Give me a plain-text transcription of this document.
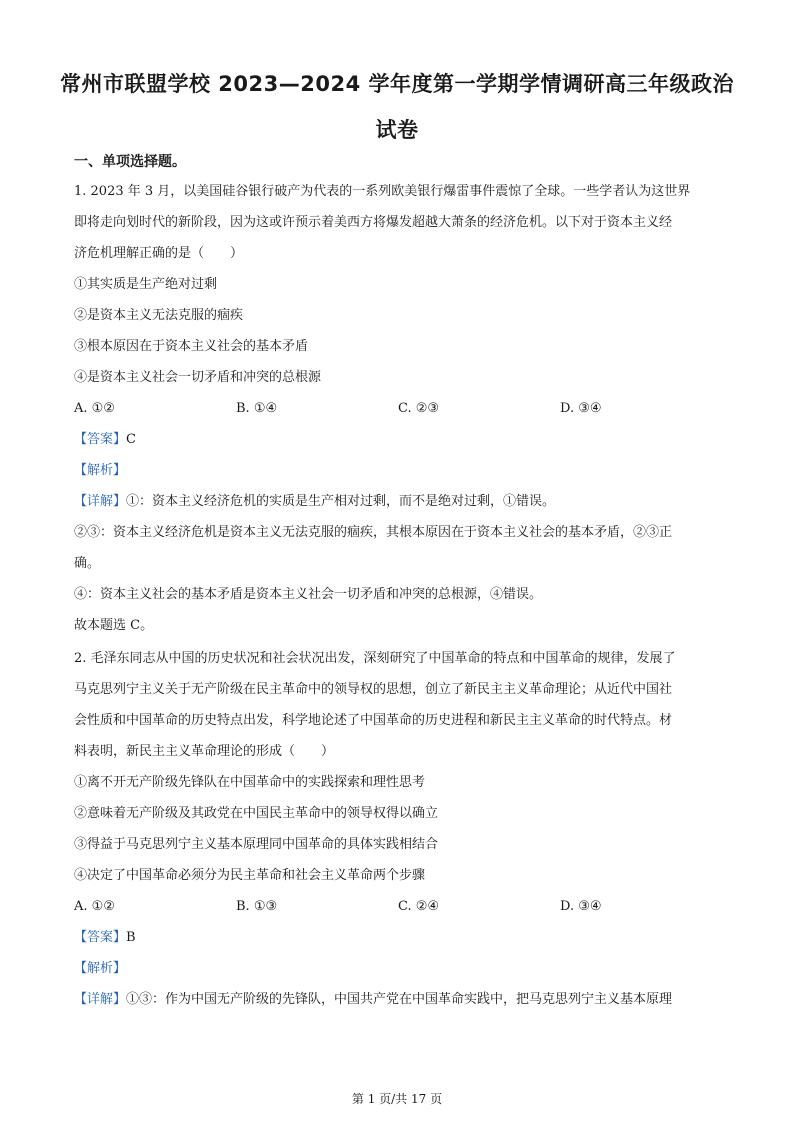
常州市联盟学校 2023—2024 学年度第一学期学情调研高三年级政治
试卷
一、单项选择题。
1. 2023 年 3 月，以美国硅谷银行破产为代表的一系列欧美银行爆雷事件震惊了全球。一些学者认为这世界
即将走向划时代的新阶段，因为这或许预示着美西方将爆发超越大萧条的经济危机。以下对于资本主义经
济危机理解正确的是（　　）
①其实质是生产绝对过剩
②是资本主义无法克服的痼疾
③根本原因在于资本主义社会的基本矛盾
④是资本主义社会一切矛盾和冲突的总根源
A. ①②	B. ①④	C. ②③	D. ③④
【答案】C
【解析】
【详解】①：资本主义经济危机的实质是生产相对过剩，而不是绝对过剩，①错误。
②③：资本主义经济危机是资本主义无法克服的痼疾，其根本原因在于资本主义社会的基本矛盾，②③正
确。
④：资本主义社会的基本矛盾是资本主义社会一切矛盾和冲突的总根源，④错误。
故本题选 C。
2. 毛泽东同志从中国的历史状况和社会状况出发，深刻研究了中国革命的特点和中国革命的规律，发展了
马克思列宁主义关于无产阶级在民主革命中的领导权的思想，创立了新民主主义革命理论；从近代中国社
会性质和中国革命的历史特点出发，科学地论述了中国革命的历史进程和新民主主义革命的时代特点。材
料表明，新民主主义革命理论的形成（　　）
①离不开无产阶级先锋队在中国革命中的实践探索和理性思考
②意味着无产阶级及其政党在中国民主革命中的领导权得以确立
③得益于马克思列宁主义基本原理同中国革命的具体实践相结合
④决定了中国革命必须分为民主革命和社会主义革命两个步骤
A. ①②	B. ①③	C. ②④	D. ③④
【答案】B
【解析】
【详解】①③：作为中国无产阶级的先锋队，中国共产党在中国革命实践中，把马克思列宁主义基本原理
第 1 页/共 17 页
